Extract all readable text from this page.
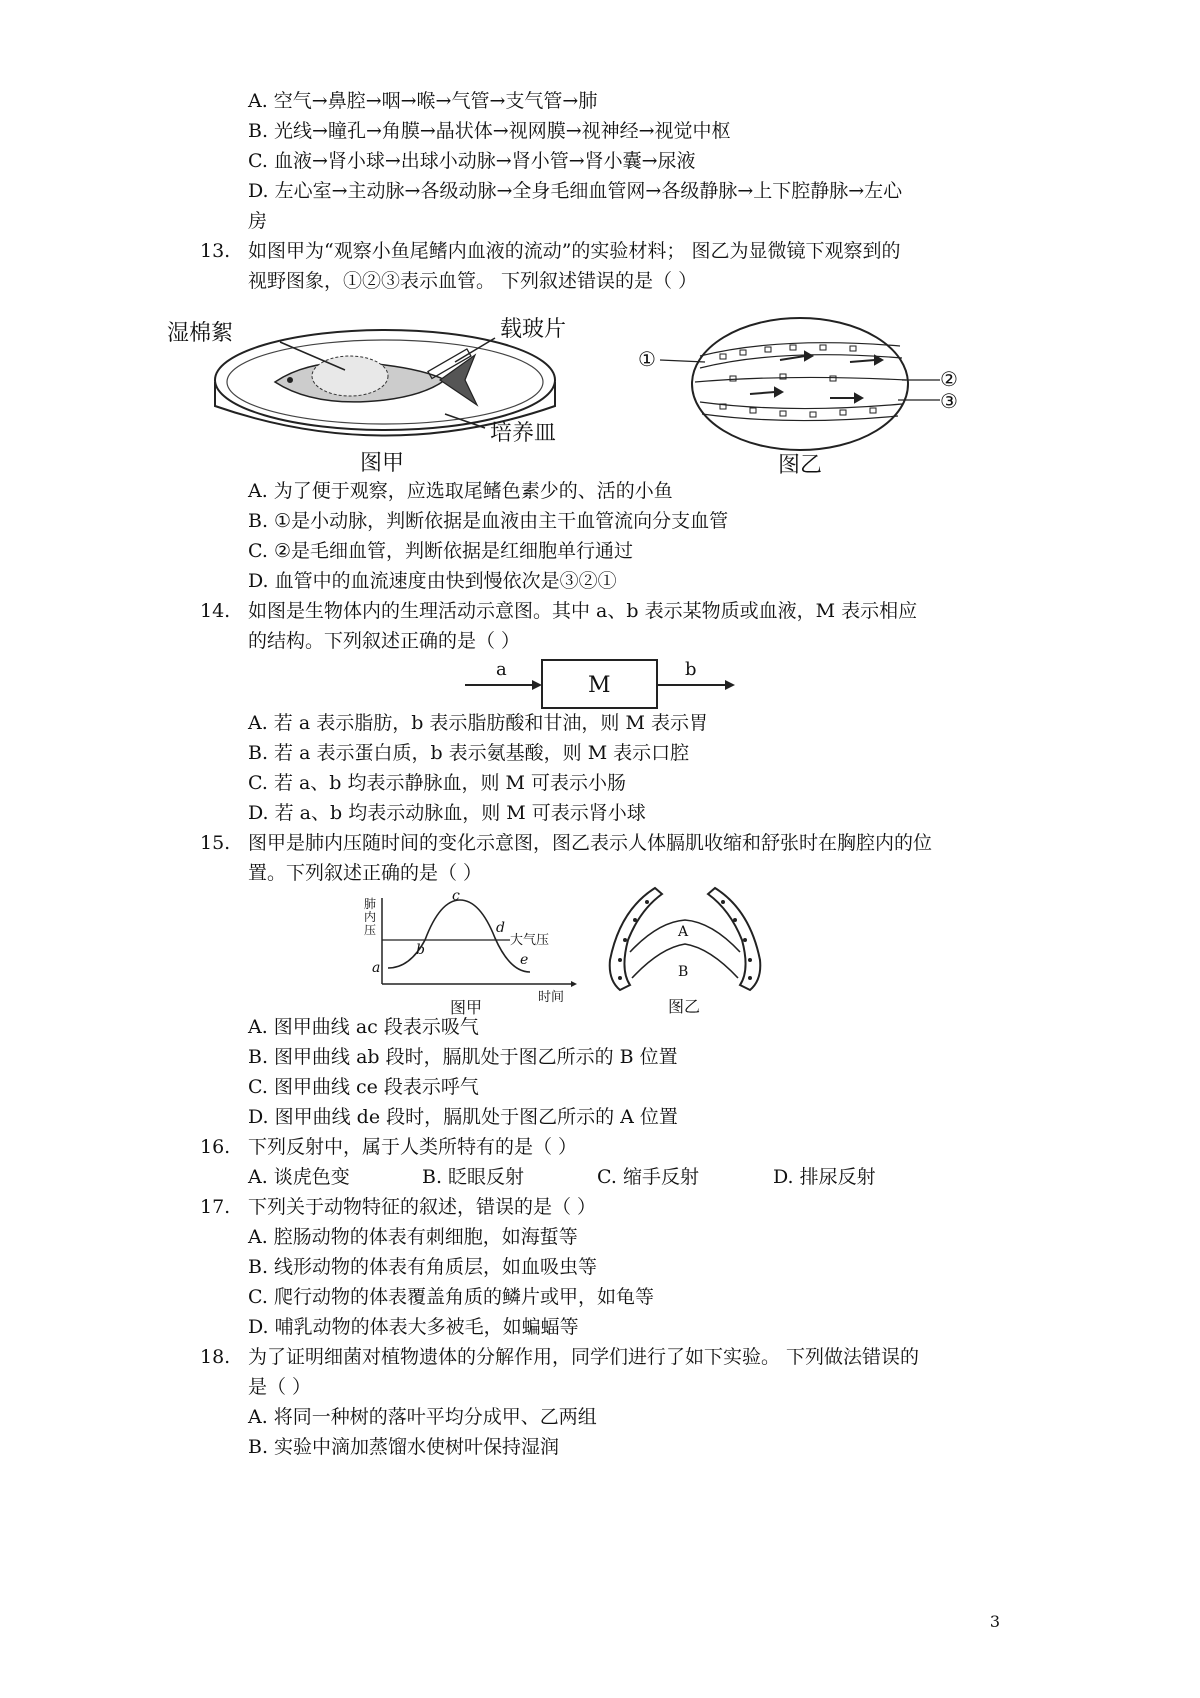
A. 空气→鼻腔→咽→喉→气管→支气管→肺
B. 光线→瞳孔→角膜→晶状体→视网膜→视神经→视觉中枢
C. 血液→肾小球→出球小动脉→肾小管→肾小囊→尿液
D. 左心室→主动脉→各级动脉→全身毛细血管网→各级静脉→上下腔静脉→左心
房
13. 如图甲为“观察小鱼尾鳍内血液的流动”的实验材料； 图乙为显微镜下观察到的
视野图象，①②③表示血管。 下列叙述错误的是（ ）
湿棉絮	载玻片
培养皿
图甲
①
②
③
图乙
A. 为了便于观察，应选取尾鳍色素少的、活的小鱼
B. ①是小动脉，判断依据是血液由主干血管流向分支血管
C. ②是毛细血管，判断依据是红细胞单行通过
D. 血管中的血流速度由快到慢依次是③②①
14. 如图是生物体内的生理活动示意图。其中 a、b 表示某物质或血液，M 表示相应
的结构。下列叙述正确的是（ ）
a
M
b
A. 若 a 表示脂肪，b 表示脂肪酸和甘油，则 M 表示胃
B. 若 a 表示蛋白质，b 表示氨基酸，则 M 表示口腔
C. 若 a、b 均表示静脉血，则 M 可表示小肠
D. 若 a、b 均表示动脉血，则 M 可表示肾小球
15. 图甲是肺内压随时间的变化示意图，图乙表示人体膈肌收缩和舒张时在胸腔内的位
置。下列叙述正确的是（ ）
肺
内
压
a
b
c
d
e
大气压
时间
图甲
A
B
图乙
A. 图甲曲线 ac 段表示吸气
B. 图甲曲线 ab 段时，膈肌处于图乙所示的 B 位置
C. 图甲曲线 ce 段表示呼气
D. 图甲曲线 de 段时，膈肌处于图乙所示的 A 位置
16. 下列反射中，属于人类所特有的是（ ）
A. 谈虎色变	B. 眨眼反射	C. 缩手反射	D. 排尿反射
17. 下列关于动物特征的叙述，错误的是（ ）
A. 腔肠动物的体表有刺细胞，如海蜇等
B. 线形动物的体表有角质层，如血吸虫等
C. 爬行动物的体表覆盖角质的鳞片或甲，如龟等
D. 哺乳动物的体表大多被毛，如蝙蝠等
18. 为了证明细菌对植物遗体的分解作用，同学们进行了如下实验。 下列做法错误的
是（ ）
A. 将同一种树的落叶平均分成甲、乙两组
B. 实验中滴加蒸馏水使树叶保持湿润
3
